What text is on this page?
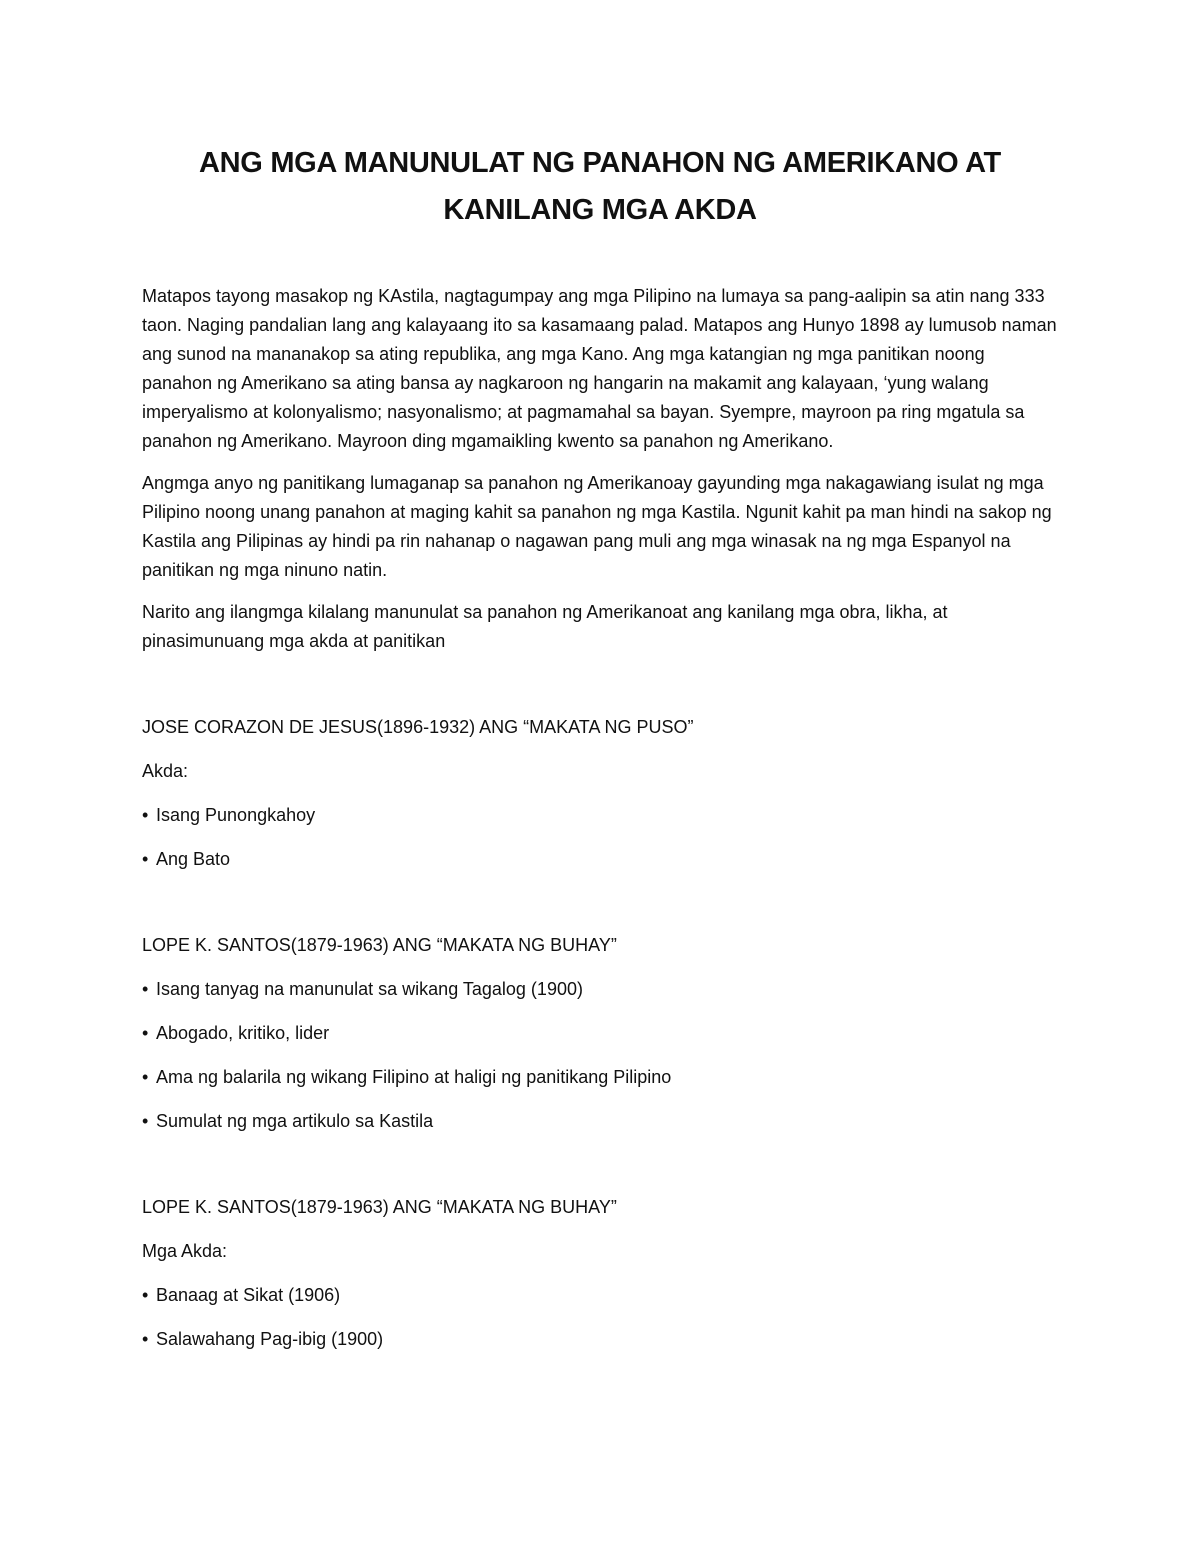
ANG MGA MANUNULAT NG PANAHON NG AMERIKANO AT
KANILANG MGA AKDA

Matapos tayong masakop ng KAstila, nagtagumpay ang mga Pilipino na lumaya sa pang-aalipin sa atin nang 333 taon. Naging pandalian lang ang kalayaang ito sa kasamaang palad. Matapos ang Hunyo 1898 ay lumusob naman ang sunod na mananakop sa ating republika, ang mga Kano. Ang mga katangian ng mga panitikan noong panahon ng Amerikano sa ating bansa ay nagkaroon ng hangarin na makamit ang kalayaan, ‘yung walang imperyalismo at kolonyalismo; nasyonalismo; at pagmamahal sa bayan. Syempre, mayroon pa ring mgatula sa panahon ng Amerikano. Mayroon ding mgamaikling kwento sa panahon ng Amerikano.

Angmga anyo ng panitikang lumaganap sa panahon ng Amerikanoay gayunding mga nakagawiang isulat ng mga Pilipino noong unang panahon at maging kahit sa panahon ng mga Kastila. Ngunit kahit pa man hindi na sakop ng Kastila ang Pilipinas ay hindi pa rin nahanap o nagawan pang muli ang mga winasak na ng mga Espanyol na panitikan ng mga ninuno natin.

Narito ang ilangmga kilalang manunulat sa panahon ng Amerikanoat ang kanilang mga obra, likha, at pinasimunuang mga akda at panitikan

JOSE CORAZON DE JESUS(1896-1932) ANG “MAKATA NG PUSO”

Akda:

• Isang Punongkahoy

• Ang Bato

LOPE K. SANTOS(1879-1963) ANG “MAKATA NG BUHAY”

• Isang tanyag na manunulat sa wikang Tagalog (1900)

• Abogado, kritiko, lider

• Ama ng balarila ng wikang Filipino at haligi ng panitikang Pilipino

• Sumulat ng mga artikulo sa Kastila

LOPE K. SANTOS(1879-1963) ANG “MAKATA NG BUHAY”

Mga Akda:

• Banaag at Sikat (1906)

• Salawahang Pag-ibig (1900)
